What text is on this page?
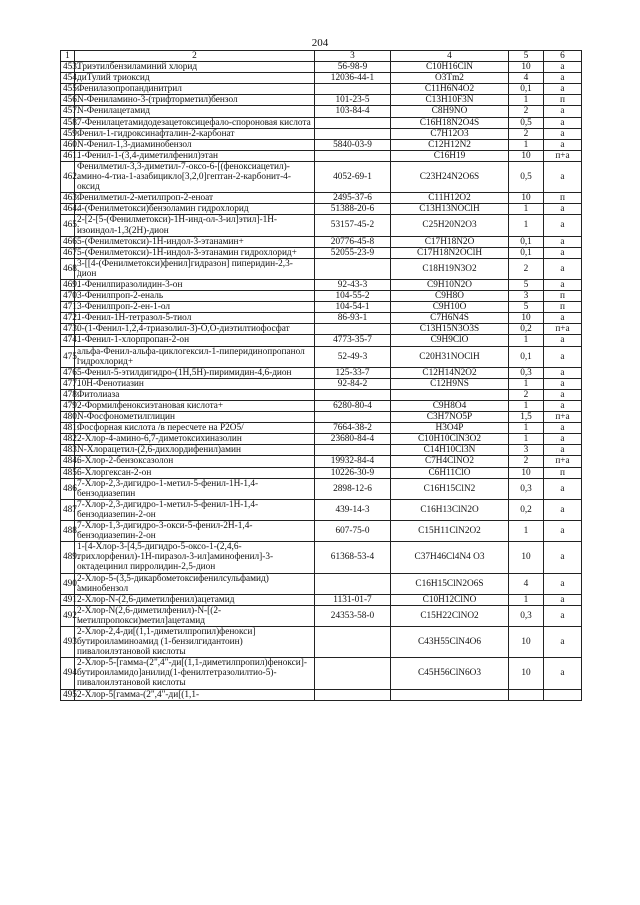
204
1	2	3	4	5	6
453.	Триэтилбензиламиний хлорид	56-98-9	C10H16ClN	10	a
454.	диТулий триоксид	12036-44-1	O3Tm2	4	a
455.	Фенилазопропандинитрил		C11H6N4O2	0,1	a
456.	N-Фениламино-3-(трифторметил)бензол	101-23-5	C13H10F3N	1	п
457.	N-Фенилацетамид	103-84-4	C8H9NO	2	a
458.	7-Фенилацетамидодезацетоксицефало-спороновая кислота		C16H18N2O4S	0,5	a
459.	Фенил-1-гидроксинафталин-2-карбонат		C7H12O3	2	a
460.	N-Фенил-1,3-диаминобензол	5840-03-9	C12H12N2	1	a
461.	1-Фенил-1-(3,4-диметилфенил)этан		C16H19	10	п+а
462.	Фенилметил-3,3-диметил-7-оксо-6-[(феноксиацетил)-амино-4-тиа-1-азабицикло[3,2,0]гептан-2-карбонит-4-оксид	4052-69-1	C23H24N2O6S	0,5	a
463.	Фенилметил-2-метилпроп-2-еноат	2495-37-6	C11H12O2	10	п
464.	4-(Фенилметокси)бензоламин гидрохлорид	51388-20-6	C13H13NOClH	1	a
465.	2-[2-[5-(Фенилметокси)-1Н-инд-ол-3-ил]этил]-1Н-изоиндол-1,3(2Н)-дион	53157-45-2	C25H20N2O3	1	a
466.	5-(Фенилметокси)-1Н-индол-3-этанамин+	20776-45-8	C17H18N2O	0,1	a
467.	5-(Фенилметокси)-1Н-индол-3-этанамин гидрохлорид+	52055-23-9	C17H18N2OClH	0,1	a
468.	3-[[4-(Фенилметокси)фенил]гидразон] пиперидин-2,3-дион		C18H19N3O2	2	a
469.	1-Фенилпиразолидин-3-он	92-43-3	C9H10N2O	5	a
470.	3-Фенилпроп-2-еналь	104-55-2	C9H8O	3	п
471.	3-Фенилпроп-2-ен-1-ол	104-54-1	C9H10O	5	п
472.	1-Фенил-1Н-тетразол-5-тиол	86-93-1	C7H6N4S	10	a
473.	0-(1-Фенил-1,2,4-триазолил-3)-О,О-диэтилтиофосфат		C13H15N3O3S	0,2	п+а
474.	1-Фенил-1-хлорпропан-2-он	4773-35-7	C9H9ClO	1	a
475.	альфа-Фенил-альфа-циклогексил-1-пиперидинопропанол гидрохлорид+	52-49-3	C20H31NOClH	0,1	a
476.	5-Фенил-5-этилдигидро-(1Н,5Н)-пиримидин-4,6-дион	125-33-7	C12H14N2O2	0,3	a
477.	10Н-Фенотиазин	92-84-2	C12H9NS	1	a
478.	Фитолиаза			2	a
479.	2-Формилфеноксиэтановая кислота+	6280-80-4	C9H8O4	1	a
480.	N-Фосфонометилглицин		C3H7NO5P	1,5	п+а
481.	Фосфорная кислота /в пересчете на P2O5/	7664-38-2	H3O4P	1	a
482.	2-Хлор-4-амино-6,7-диметоксихиназолин	23680-84-4	C10H10ClN3O2	1	a
483.	N-Хлорацетил-(2,6-дихлордифенил)амин		C14H10Cl3N	3	a
484.	6-Хлор-2-бензоксазолон	19932-84-4	C7H4ClNO2	2	п+а
485.	6-Хлоргексан-2-он	10226-30-9	C6H11ClO	10	п
486.	7-Хлор-2,3-дигидро-1-метил-5-фенил-1Н-1,4-бензодиазепин	2898-12-6	C16H15ClN2	0,3	a
487.	7-Хлор-2,3-дигидро-1-метил-5-фенил-1Н-1,4-бензодиазепин-2-он	439-14-3	C16H13ClN2O	0,2	a
488.	7-Хлор-1,3-дигидро-3-окси-5-фенил-2Н-1,4-бензодиазепин-2-он	607-75-0	C15H11ClN2O2	1	a
489.	1-[4-Хлор-3-[4,5-дигидро-5-оксо-1-(2,4,6-трихлорфенил)-1Н-пиразол-3-ил]аминофенил]-3-октадецинил пирролидин-2,5-дион	61368-53-4	C37H46Cl4N4 O3	10	a
490.	2-Хлор-5-(3,5-дикарбометоксифенилсульфамид) аминобензол		C16H15ClN2O6S	4	a
491.	2-Хлор-N-(2,6-диметилфенил)ацетамид	1131-01-7	C10H12ClNO	1	a
492.	2-Хлор-N(2,6-диметилфенил)-N-[(2-метилпропокси)метил]ацетамид	24353-58-0	C15H22ClNO2	0,3	a
493.	2-Хлор-2,4-ди[(1,1-диметилпропил)фенокси] бутироиламиноамид (1-бензилгидантоин) пивалоилэтановой кислоты		C43H55ClN4O6	10	a
494.	2-Хлор-5-[гамма-(2",4"-ди[(1,1-диметилпропил)фенокси]-бутироиламидо]анилид(1-фенилтетразолилтио-5)-пивалоилэтановой кислоты		C45H56ClN6O3	10	a
495.	2-Хлор-5[гамма-(2",4"-ди[(1,1-				
